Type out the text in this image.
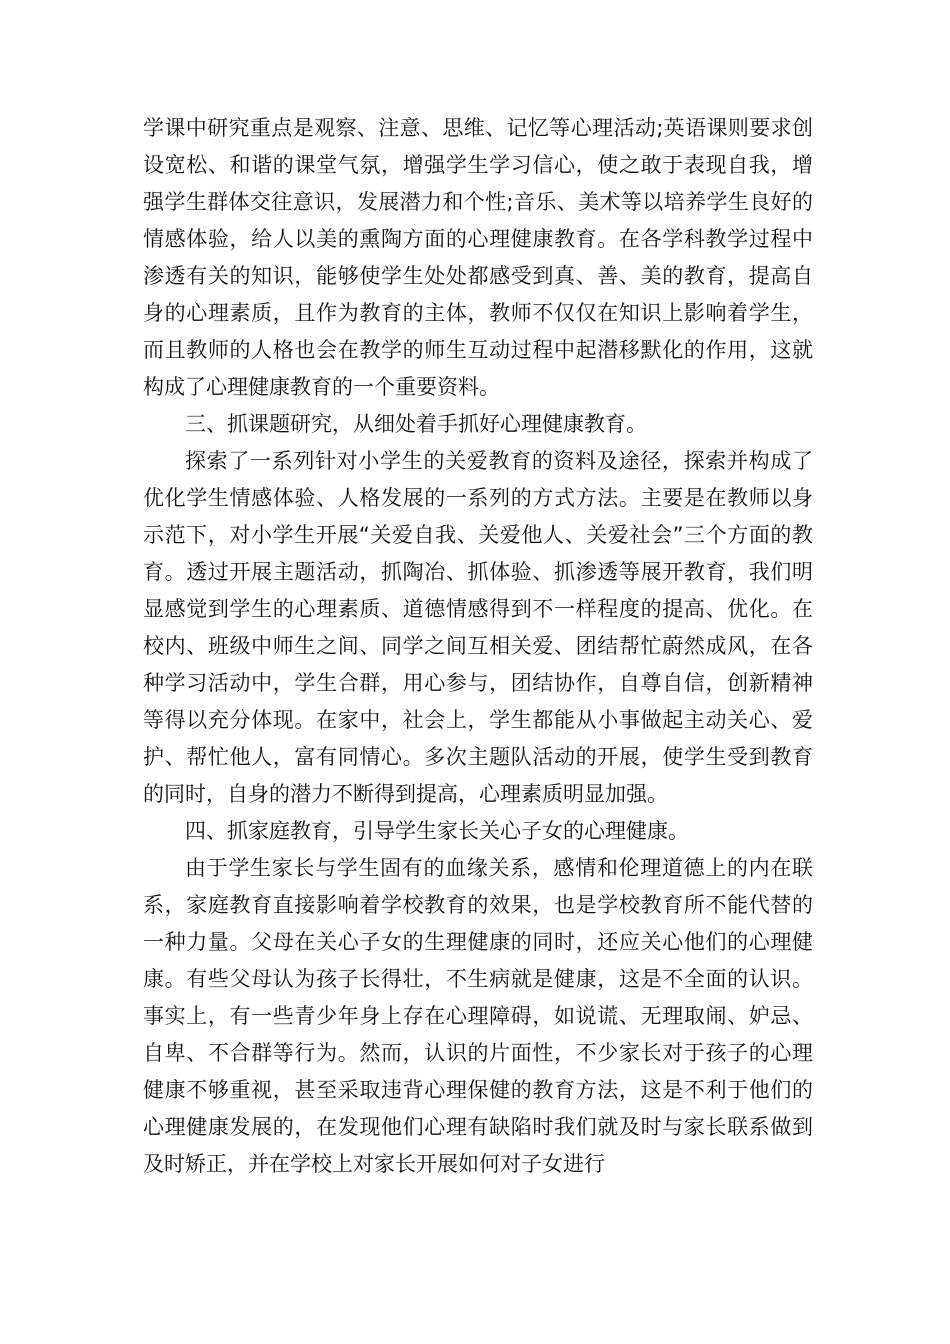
学课中研究重点是观察、注意、思维、记忆等心理活动;英语课则要求创设宽松、和谐的课堂气氛，增强学生学习信心，使之敢于表现自我，增强学生群体交往意识，发展潜力和个性;音乐、美术等以培养学生良好的情感体验，给人以美的熏陶方面的心理健康教育。在各学科教学过程中渗透有关的知识，能够使学生处处都感受到真、善、美的教育，提高自身的心理素质，且作为教育的主体，教师不仅仅在知识上影响着学生，而且教师的人格也会在教学的师生互动过程中起潜移默化的作用，这就构成了心理健康教育的一个重要资料。

三、抓课题研究，从细处着手抓好心理健康教育。

探索了一系列针对小学生的关爱教育的资料及途径，探索并构成了优化学生情感体验、人格发展的一系列的方式方法。主要是在教师以身示范下，对小学生开展“关爱自我、关爱他人、关爱社会”三个方面的教育。透过开展主题活动，抓陶冶、抓体验、抓渗透等展开教育，我们明显感觉到学生的心理素质、道德情感得到不一样程度的提高、优化。在校内、班级中师生之间、同学之间互相关爱、团结帮忙蔚然成风，在各种学习活动中，学生合群，用心参与，团结协作，自尊自信，创新精神等得以充分体现。在家中，社会上，学生都能从小事做起主动关心、爱护、帮忙他人，富有同情心。多次主题队活动的开展，使学生受到教育的同时，自身的潜力不断得到提高，心理素质明显加强。

四、抓家庭教育，引导学生家长关心子女的心理健康。

由于学生家长与学生固有的血缘关系，感情和伦理道德上的内在联系，家庭教育直接影响着学校教育的效果，也是学校教育所不能代替的一种力量。父母在关心子女的生理健康的同时，还应关心他们的心理健康。有些父母认为孩子长得壮，不生病就是健康，这是不全面的认识。事实上，有一些青少年身上存在心理障碍，如说谎、无理取闹、妒忌、自卑、不合群等行为。然而，认识的片面性，不少家长对于孩子的心理健康不够重视，甚至采取违背心理保健的教育方法，这是不利于他们的心理健康发展的，在发现他们心理有缺陷时我们就及时与家长联系做到及时矫正，并在学校上对家长开展如何对子女进行
